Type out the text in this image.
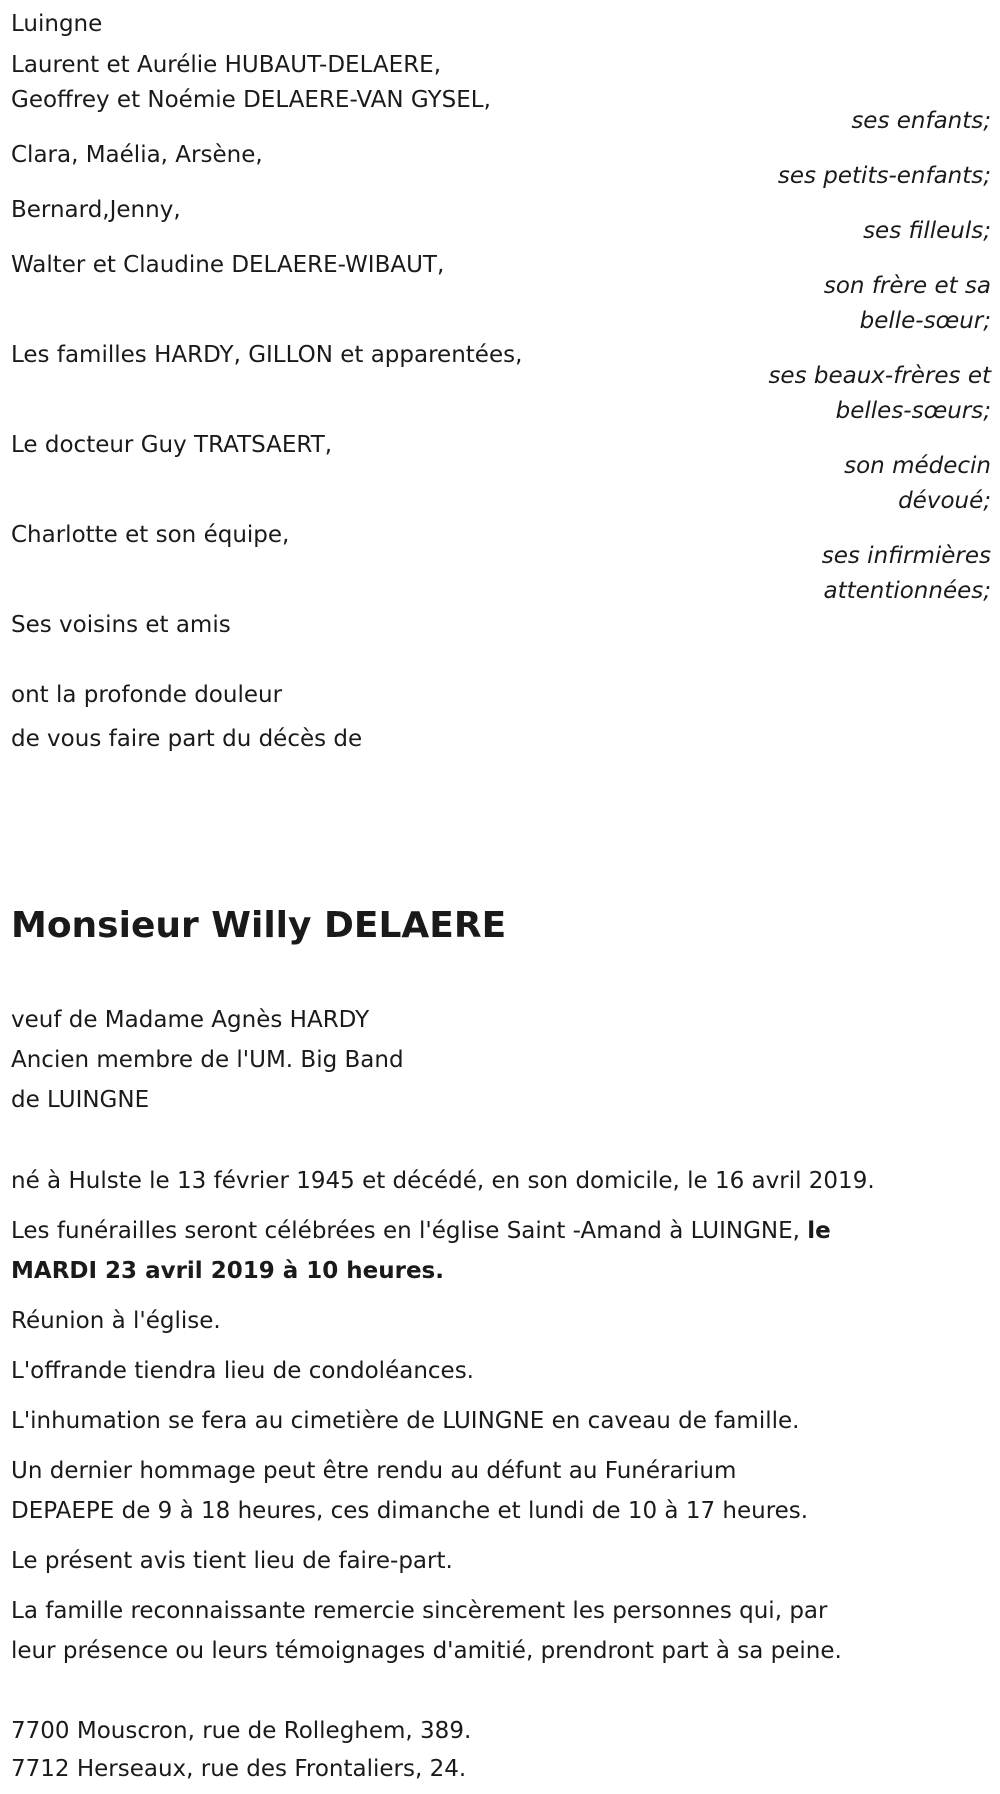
Luingne
Laurent et Aurélie HUBAUT-DELAERE,
Geoffrey et Noémie DELAERE-VAN GYSEL,
ses enfants;
Clara, Maélia, Arsène,
ses petits-enfants;
Bernard,Jenny,
ses filleuls;
Walter et Claudine DELAERE-WIBAUT,
son frère et sa
belle-sœur;
Les familles HARDY, GILLON et apparentées,
ses beaux-frères et
belles-sœurs;
Le docteur Guy TRATSAERT,
son médecin
dévoué;
Charlotte et son équipe,
ses infirmières
attentionnées;
Ses voisins et amis
ont la profonde douleur
de vous faire part du décès de
Monsieur Willy DELAERE
veuf de Madame Agnès HARDY
Ancien membre de l'UM. Big Band
de LUINGNE
né à Hulste le 13 février 1945 et décédé, en son domicile, le 16 avril 2019.
Les funérailles seront célébrées en l'église Saint -Amand à LUINGNE, le
MARDI 23 avril 2019 à 10 heures.
Réunion à l'église.
L'offrande tiendra lieu de condoléances.
L'inhumation se fera au cimetière de LUINGNE en caveau de famille.
Un dernier hommage peut être rendu au défunt au Funérarium
DEPAEPE de 9 à 18 heures, ces dimanche et lundi de 10 à 17 heures.
Le présent avis tient lieu de faire-part.
La famille reconnaissante remercie sincèrement les personnes qui, par
leur présence ou leurs témoignages d'amitié, prendront part à sa peine.
7700 Mouscron, rue de Rolleghem, 389.
7712 Herseaux, rue des Frontaliers, 24.
